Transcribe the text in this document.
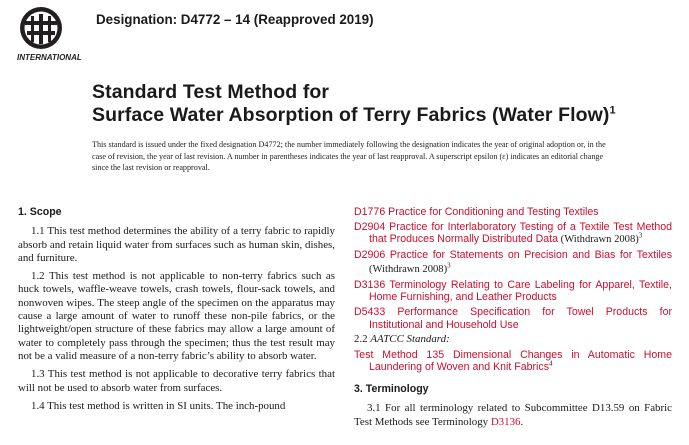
INTERNATIONAL
Designation: D4772 – 14 (Reapproved 2019)
Standard Test Method for
Surface Water Absorption of Terry Fabrics (Water Flow)$^1$
This standard is issued under the fixed designation D4772; the number immediately following the designation indicates the year of original adoption or, in the case of revision, the year of last revision. A number in parentheses indicates the year of last reapproval. A superscript epsilon (ε) indicates an editorial change since the last revision or reapproval.
1. Scope

1.1 This test method determines the ability of a terry fabric to rapidly absorb and retain liquid water from surfaces such as human skin, dishes, and furniture.

1.2 This test method is not applicable to non-terry fabrics such as huck towels, waffle-weave towels, crash towels, flour-sack towels, and nonwoven wipes. The steep angle of the specimen on the apparatus may cause a large amount of water to runoff these non-pile fabrics, or the lightweight/open structure of these fabrics may allow a large amount of water to completely pass through the specimen; thus the test result may not be a valid measure of a non-terry fabric’s ability to absorb water.

1.3 This test method is not applicable to decorative terry fabrics that will not be used to absorb water from surfaces.

1.4 This test method is written in SI units. The inch-pound

D1776 Practice for Conditioning and Testing Textiles
D2904 Practice for Interlaboratory Testing of a Textile Test Method that Produces Normally Distributed Data (Withdrawn 2008)$^3$
D2906 Practice for Statements on Precision and Bias for Textiles (Withdrawn 2008)$^3$
D3136 Terminology Relating to Care Labeling for Apparel, Textile, Home Furnishing, and Leather Products
D5433 Performance Specification for Towel Products for Institutional and Household Use
2.2 AATCC Standard:
Test Method 135 Dimensional Changes in Automatic Home Laundering of Woven and Knit Fabrics$^4$
3. Terminology

3.1 For all terminology related to Subcommittee D13.59 on Fabric Test Methods see Terminology D3136.
